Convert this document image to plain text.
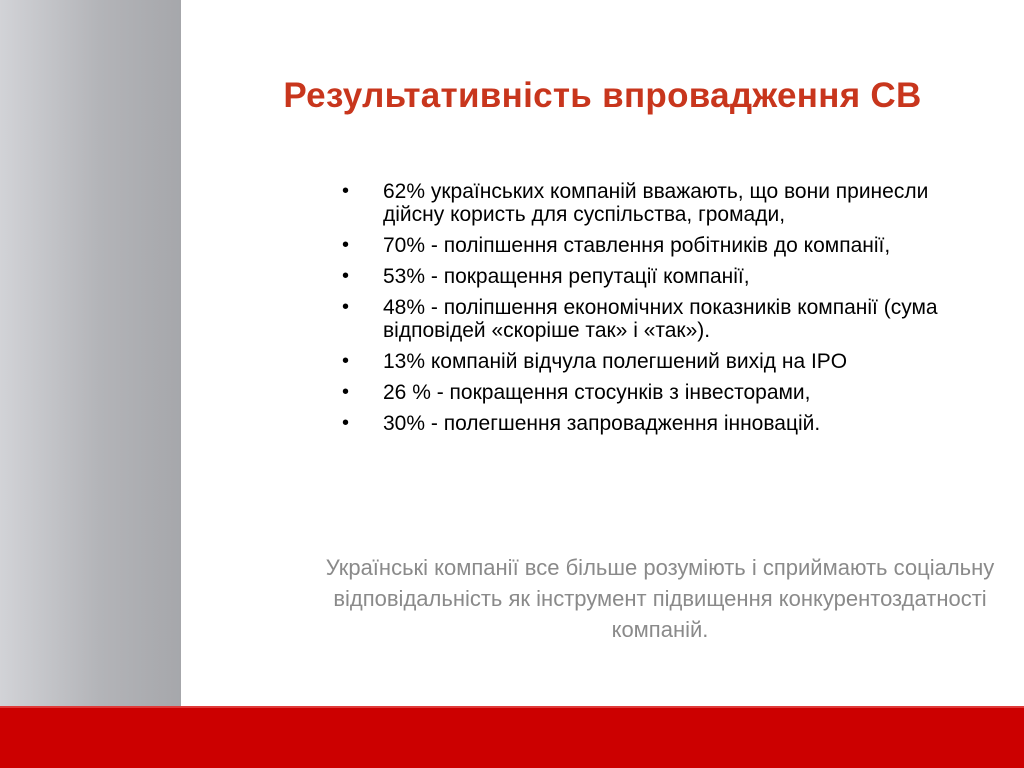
Результативність впровадження СВ
• 62% українських компаній вважають, що вони принесли дійсну користь для суспільства, громади,
• 70% - поліпшення ставлення робітників до компанії,
• 53% - покращення репутації компанії,
• 48% - поліпшення економічних показників компанії (сума відповідей «скоріше так» і «так»).
• 13% компаній відчула полегшений вихід на IPO
• 26 % - покращення стосунків з інвесторами,
• 30% - полегшення запровадження інновацій.

Українські компанії все більше розуміють і сприймають соціальну відповідальність як інструмент підвищення конкурентоздатності компаній.
